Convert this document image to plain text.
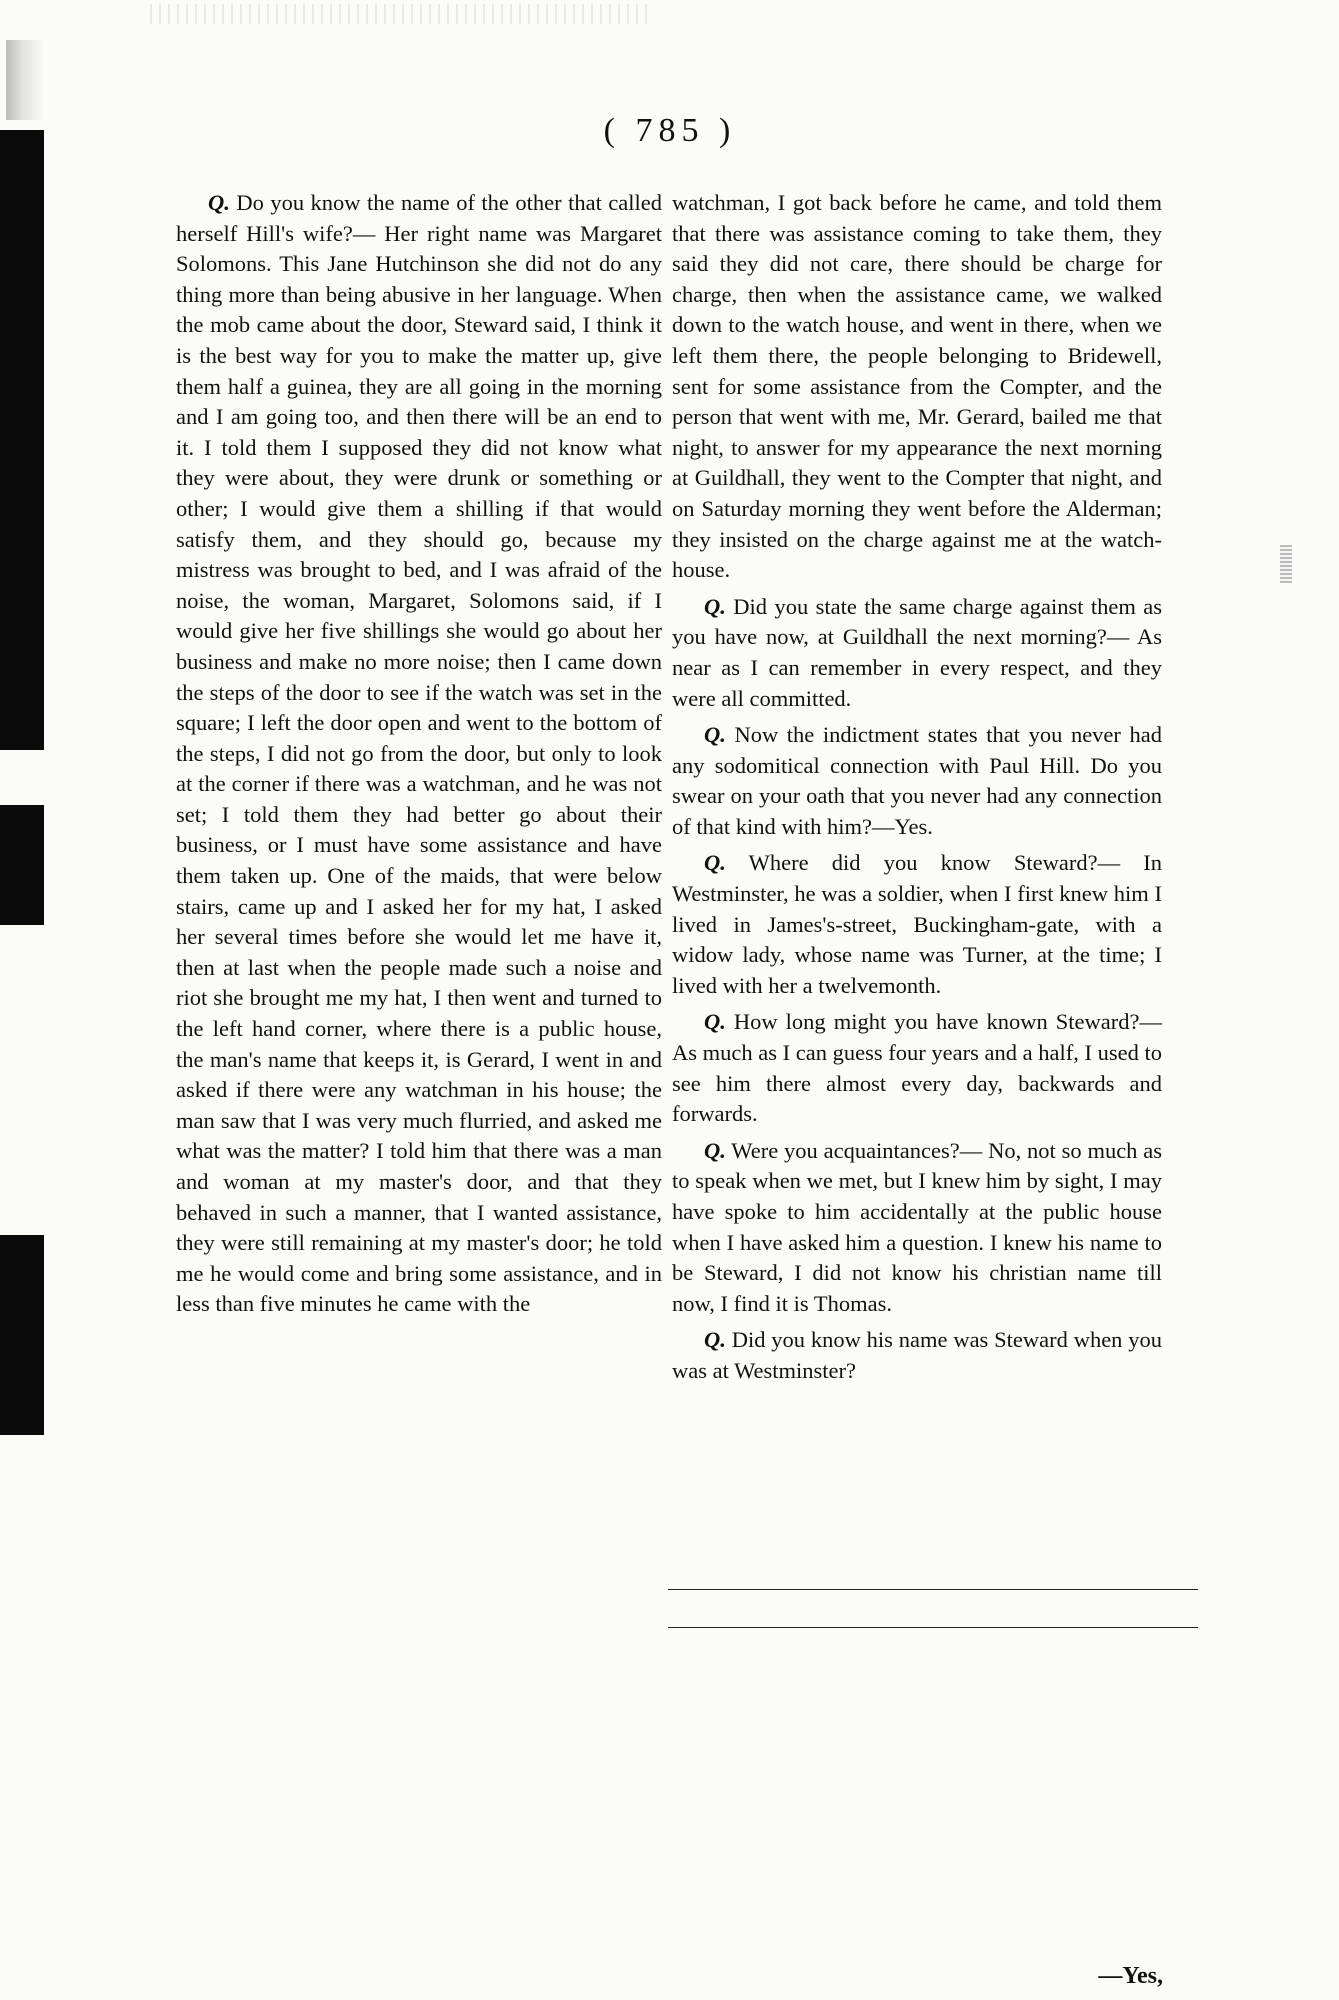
( 785 )

Q. Do you know the name of the other that called herself Hill's wife?— Her right name was Margaret Solomons. This Jane Hutchinson she did not do any thing more than being abusive in her language. When the mob came about the door, Steward said, I think it is the best way for you to make the matter up, give them half a guinea, they are all going in the morning and I am going too, and then there will be an end to it. I told them I supposed they did not know what they were about, they were drunk or something or other; I would give them a shilling if that would satisfy them, and they should go, because my mistress was brought to bed, and I was afraid of the noise, the woman, Margaret, Solomons said, if I would give her five shillings she would go about her business and make no more noise; then I came down the steps of the door to see if the watch was set in the square; I left the door open and went to the bottom of the steps, I did not go from the door, but only to look at the corner if there was a watchman, and he was not set; I told them they had better go about their business, or I must have some assistance and have them taken up. One of the maids, that were below stairs, came up and I asked her for my hat, I asked her several times before she would let me have it, then at last when the people made such a noise and riot she brought me my hat, I then went and turned to the left hand corner, where there is a public house, the man's name that keeps it, is Gerard, I went in and asked if there were any watchman in his house; the man saw that I was very much flurried, and asked me what was the matter? I told him that there was a man and woman at my master's door, and that they behaved in such a manner, that I wanted assistance, they were still remaining at my master's door; he told me he would come and bring some assistance, and in less than five minutes he came with the

watchman, I got back before he came, and told them that there was assistance coming to take them, they said they did not care, there should be charge for charge, then when the assistance came, we walked down to the watch house, and went in there, when we left them there, the people belonging to Bridewell, sent for some assistance from the Compter, and the person that went with me, Mr. Gerard, bailed me that night, to answer for my appearance the next morning at Guildhall, they went to the Compter that night, and on Saturday morning they went before the Alderman; they insisted on the charge against me at the watch-house.

Q. Did you state the same charge against them as you have now, at Guildhall the next morning?— As near as I can remember in every respect, and they were all committed.

Q. Now the indictment states that you never had any sodomitical connection with Paul Hill. Do you swear on your oath that you never had any connection of that kind with him?—Yes.

Q. Where did you know Steward?— In Westminster, he was a soldier, when I first knew him I lived in James's-street, Buckingham-gate, with a widow lady, whose name was Turner, at the time; I lived with her a twelvemonth.

Q. How long might you have known Steward?— As much as I can guess four years and a half, I used to see him there almost every day, backwards and forwards.

Q. Were you acquaintances?— No, not so much as to speak when we met, but I knew him by sight, I may have spoke to him accidentally at the public house when I have asked him a question. I knew his name to be Steward, I did not know his christian name till now, I find it is Thomas.

Q. Did you know his name was Steward when you was at Westminster?

—Yes,
